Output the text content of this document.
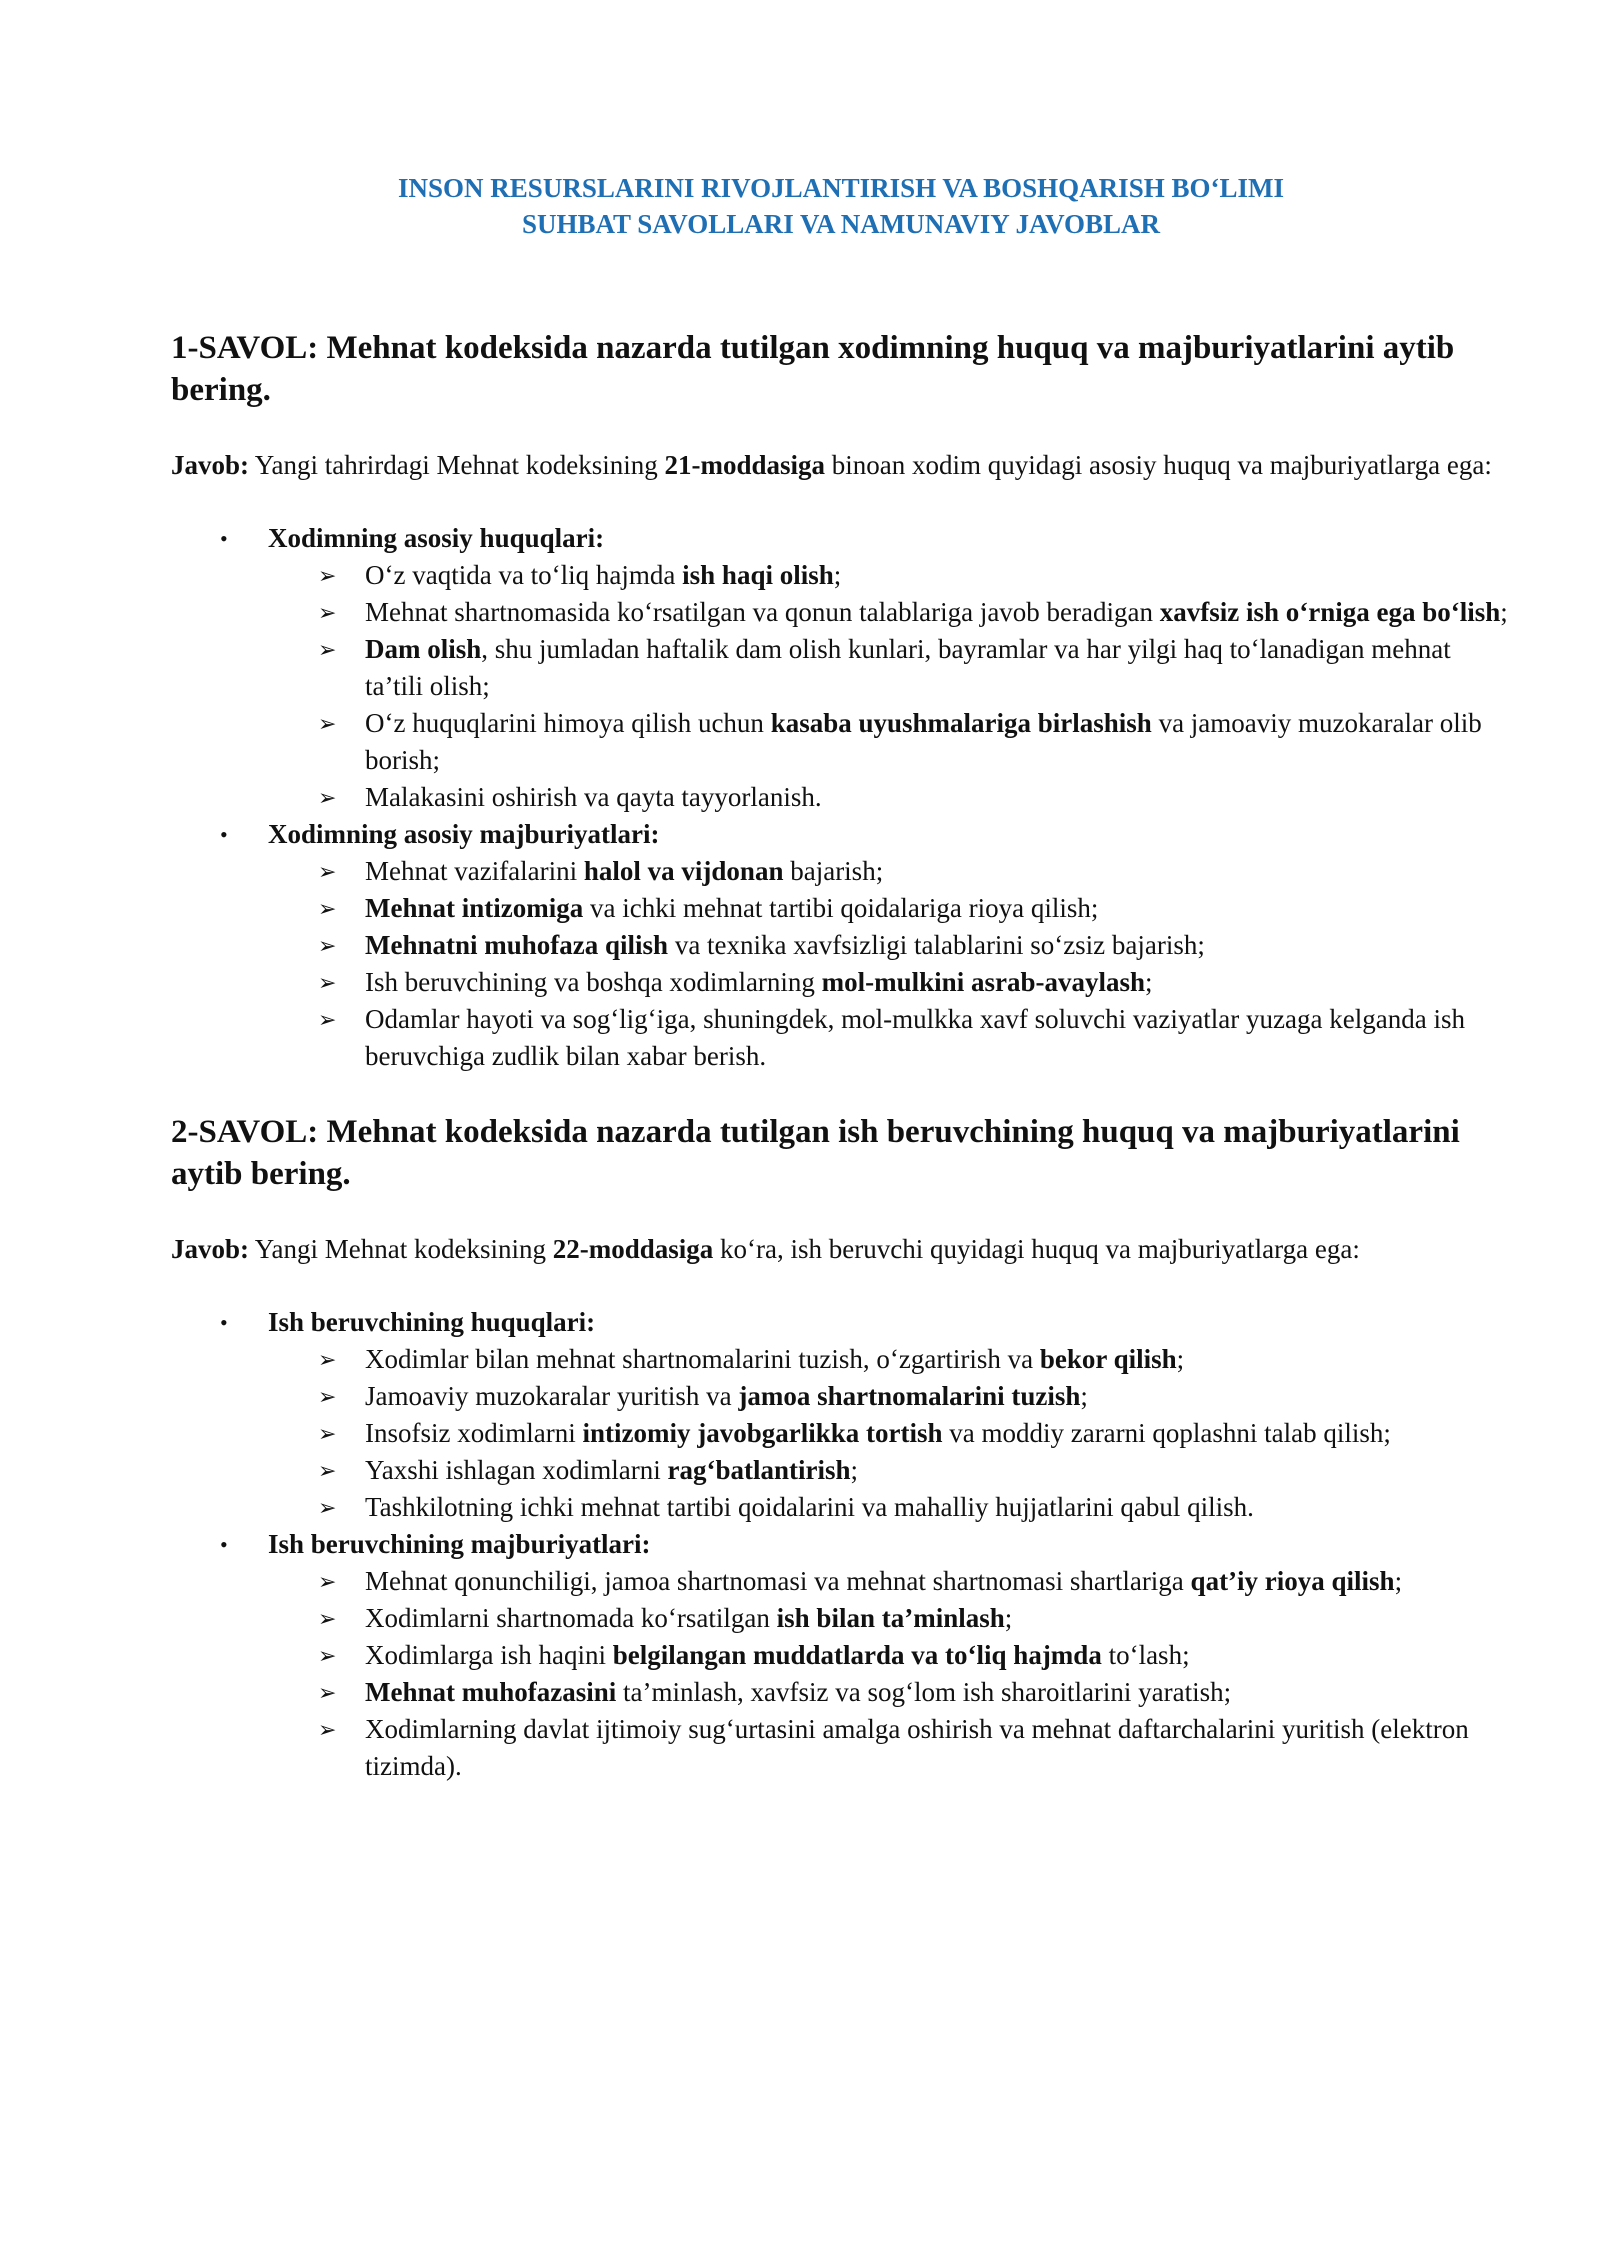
INSON RESURSLARINI RIVOJLANTIRISH VA BOSHQARISH BO‘LIMI

SUHBAT SAVOLLARI VA NAMUNAVIY JAVOBLAR

1-SAVOL: Mehnat kodeksida nazarda tutilgan xodimning huquq va majburiyatlarini aytib bering.

Javob: Yangi tahrirdagi Mehnat kodeksining 21-moddasiga binoan xodim quyidagi asosiy huquq va majburiyatlarga ega:

• Xodimning asosiy huquqlari:
➢ O‘z vaqtida va to‘liq hajmda ish haqi olish;
➢ Mehnat shartnomasida ko‘rsatilgan va qonun talablariga javob beradigan xavfsiz ish o‘rniga ega bo‘lish;
➢ Dam olish, shu jumladan haftalik dam olish kunlari, bayramlar va har yilgi haq to‘lanadigan mehnat ta’tili olish;
➢ O‘z huquqlarini himoya qilish uchun kasaba uyushmalariga birlashish va jamoaviy muzokaralar olib borish;
➢ Malakasini oshirish va qayta tayyorlanish.
• Xodimning asosiy majburiyatlari:
➢ Mehnat vazifalarini halol va vijdonan bajarish;
➢ Mehnat intizomiga va ichki mehnat tartibi qoidalariga rioya qilish;
➢ Mehnatni muhofaza qilish va texnika xavfsizligi talablarini so‘zsiz bajarish;
➢ Ish beruvchining va boshqa xodimlarning mol-mulkini asrab-avaylash;
➢ Odamlar hayoti va sog‘lig‘iga, shuningdek, mol-mulkka xavf soluvchi vaziyatlar yuzaga kelganda ish beruvchiga zudlik bilan xabar berish.

2-SAVOL: Mehnat kodeksida nazarda tutilgan ish beruvchining huquq va majburiyatlarini aytib bering.

Javob: Yangi Mehnat kodeksining 22-moddasiga ko‘ra, ish beruvchi quyidagi huquq va majburiyatlarga ega:

• Ish beruvchining huquqlari:
➢ Xodimlar bilan mehnat shartnomalarini tuzish, o‘zgartirish va bekor qilish;
➢ Jamoaviy muzokaralar yuritish va jamoa shartnomalarini tuzish;
➢ Insofsiz xodimlarni intizomiy javobgarlikka tortish va moddiy zararni qoplashni talab qilish;
➢ Yaxshi ishlagan xodimlarni rag‘batlantirish;
➢ Tashkilotning ichki mehnat tartibi qoidalarini va mahalliy hujjatlarini qabul qilish.
• Ish beruvchining majburiyatlari:
➢ Mehnat qonunchiligi, jamoa shartnomasi va mehnat shartnomasi shartlariga qat’iy rioya qilish;
➢ Xodimlarni shartnomada ko‘rsatilgan ish bilan ta’minlash;
➢ Xodimlarga ish haqini belgilangan muddatlarda va to‘liq hajmda to‘lash;
➢ Mehnat muhofazasini ta’minlash, xavfsiz va sog‘lom ish sharoitlarini yaratish;
➢ Xodimlarning davlat ijtimoiy sug‘urtasini amalga oshirish va mehnat daftarchalarini yuritish (elektron tizimda).
